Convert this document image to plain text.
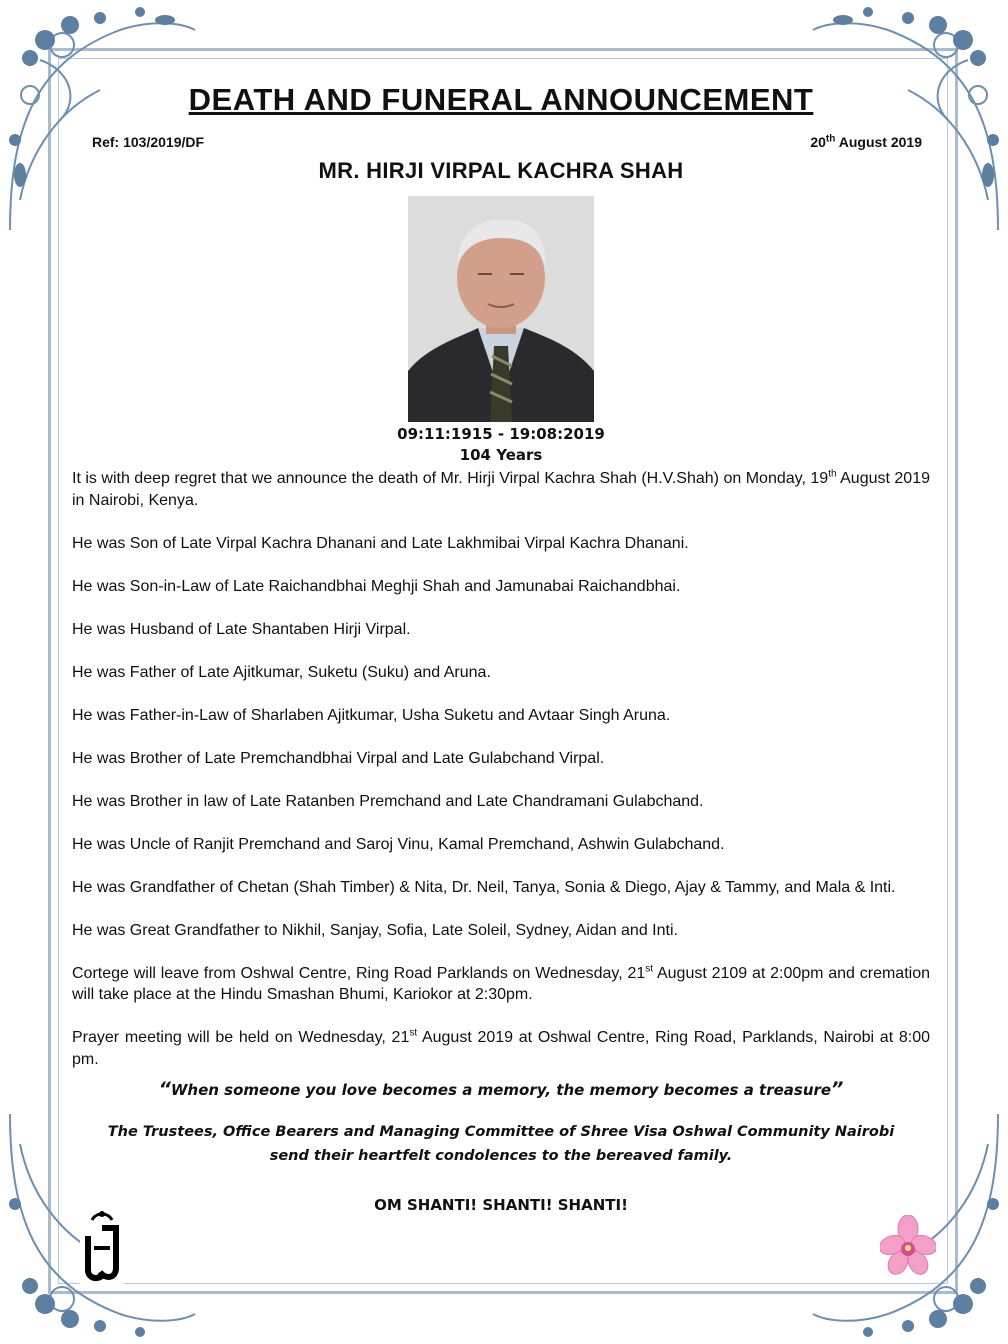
DEATH AND FUNERAL ANNOUNCEMENT
Ref: 103/2019/DF	20th August 2019
MR. HIRJI VIRPAL KACHRA SHAH
09:11:1915 - 19:08:2019
104 Years

It is with deep regret that we announce the death of Mr. Hirji Virpal Kachra Shah (H.V.Shah) on Monday, 19th August 2019 in Nairobi, Kenya.

He was Son of Late Virpal Kachra Dhanani and Late Lakhmibai Virpal Kachra Dhanani.

He was Son-in-Law of Late Raichandbhai Meghji Shah and Jamunabai Raichandbhai.

He was Husband of Late Shantaben Hirji Virpal.

He was Father of Late Ajitkumar, Suketu (Suku) and Aruna.

He was Father-in-Law of Sharlaben Ajitkumar, Usha Suketu and Avtaar Singh Aruna.

He was Brother of Late Premchandbhai Virpal and Late Gulabchand Virpal.

He was Brother in law of Late Ratanben Premchand and Late Chandramani Gulabchand.

He was Uncle of Ranjit Premchand and Saroj Vinu, Kamal Premchand, Ashwin Gulabchand.

He was Grandfather of Chetan (Shah Timber) & Nita, Dr. Neil, Tanya, Sonia & Diego, Ajay & Tammy, and Mala & Inti.

He was Great Grandfather to Nikhil, Sanjay, Sofia, Late Soleil, Sydney, Aidan and Inti.

Cortege will leave from Oshwal Centre, Ring Road Parklands on Wednesday, 21st August 2109 at 2:00pm and cremation will take place at the Hindu Smashan Bhumi, Kariokor at 2:30pm.

Prayer meeting will be held on Wednesday, 21st August 2019 at Oshwal Centre, Ring Road, Parklands, Nairobi at 8:00 pm.

“When someone you love becomes a memory, the memory becomes a treasure”
The Trustees, Office Bearers and Managing Committee of Shree Visa Oshwal Community Nairobi
send their heartfelt condolences to the bereaved family.
OM SHANTI! SHANTI! SHANTI!
